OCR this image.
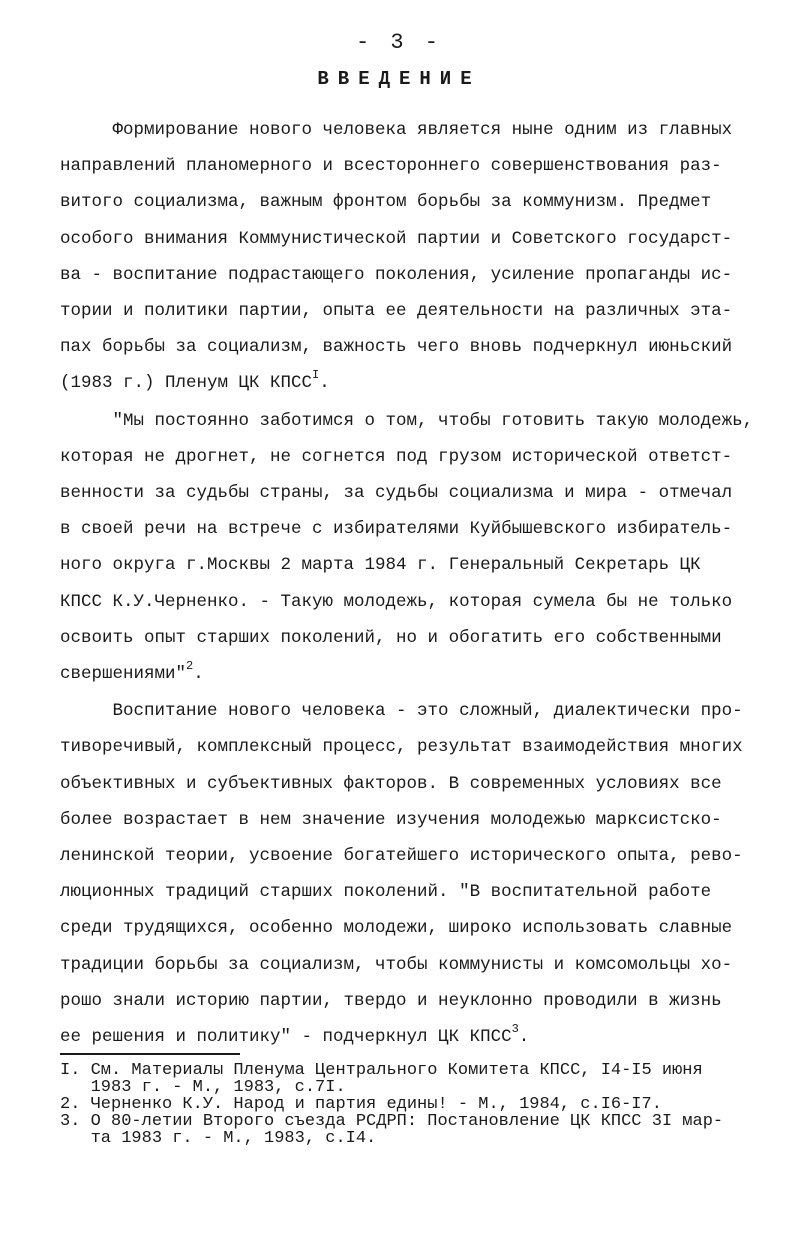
- 3 -
ВВЕДЕНИЕ
Формирование нового человека является ныне одним из главных
направлений планомерного и всестороннего совершенствования раз-
витого социализма, важным фронтом борьбы за коммунизм. Предмет
особого внимания Коммунистической партии и Советского государст-
ва - воспитание подрастающего поколения, усиление пропаганды ис-
тории и политики партии, опыта ее деятельности на различных эта-
пах борьбы за социализм, важность чего вновь подчеркнул июньский
(1983 г.) Пленум ЦК $КПСС^I$.
"Мы постоянно заботимся о том, чтобы готовить такую молодежь,
которая не дрогнет, не согнется под грузом исторической ответст-
венности за судьбы страны, за судьбы социализма и мира - отмечал
в своей речи на встрече с избирателями Куйбышевского избиратель-
ного округа г.Москвы 2 марта 1984 г. Генеральный Секретарь ЦК
КПСС К.У.Черненко. - Такую молодежь, которая сумела бы не только
освоить опыт старших поколений, но и обогатить его собственными
свершениями"$^2$.
Воспитание нового человека - это сложный, диалектически про-
тиворечивый, комплексный процесс, результат взаимодействия многих
объективных и субъективных факторов. В современных условиях все
более возрастает в нем значение изучения молодежью марксистско-
ленинской теории, усвоение богатейшего исторического опыта, рево-
люционных традиций старших поколений. "В воспитательной работе
среди трудящихся, особенно молодежи, широко использовать славные
традиции борьбы за социализм, чтобы коммунисты и комсомольцы хо-
рошо знали историю партии, твердо и неуклонно проводили в жизнь
ее решения и политику" - подчеркнул ЦК КПСС$^3$.
I. См. Материалы Пленума Центрального Комитета КПСС, I4-I5 июня
1983 г. - М., 1983, с.7I.
2. Черненко К.У. Народ и партия едины! - М., 1984, с.I6-I7.
3. О 80-летии Второго съезда РСДРП: Постановление ЦК КПСС 3I мар-
та 1983 г. - М., 1983, с.I4.
